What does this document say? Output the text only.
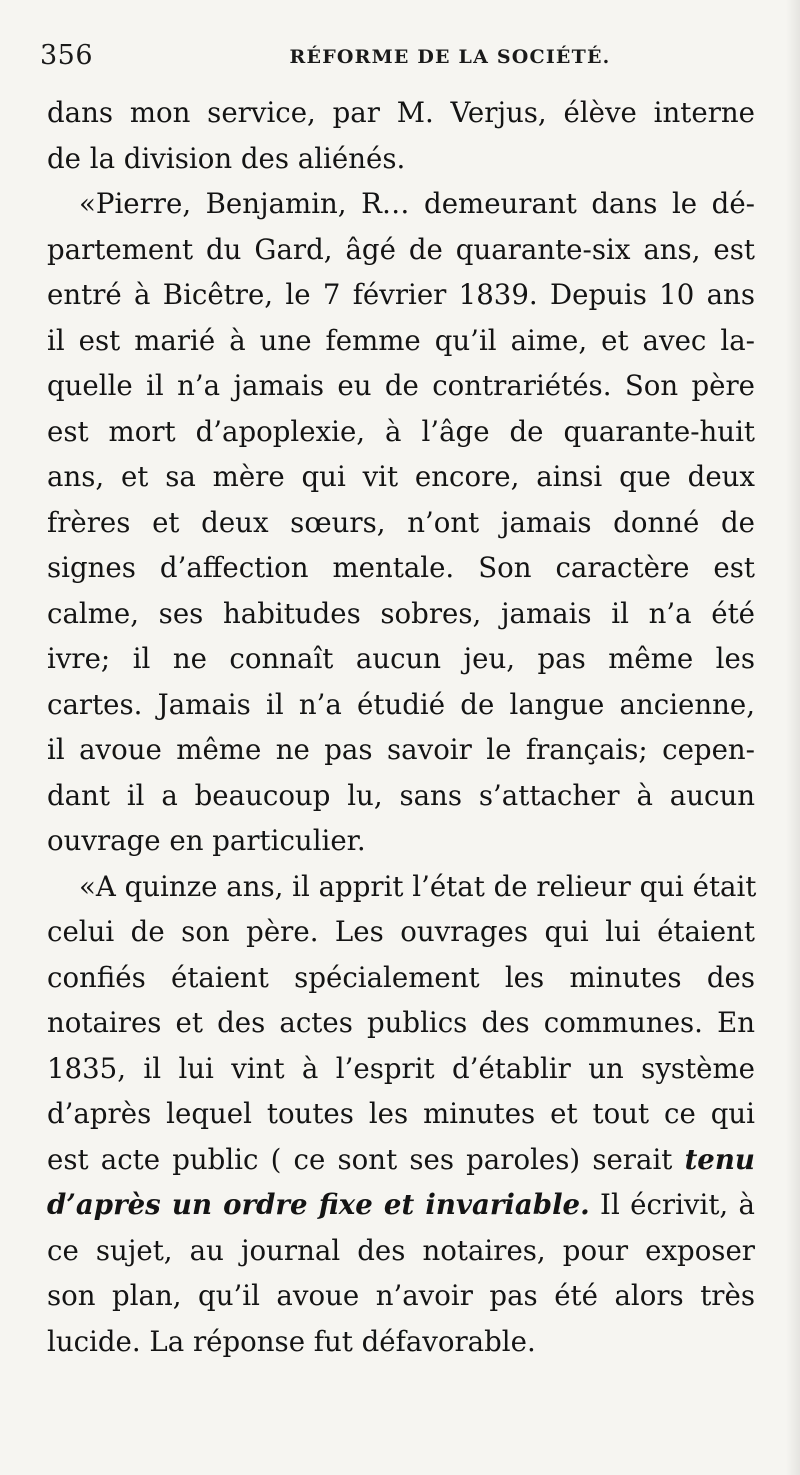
356	RÉFORME DE LA SOCIÉTÉ.
dans mon service, par M. Verjus, élève interne
de la division des aliénés.
«Pierre, Benjamin, R… demeurant dans le dé-
partement du Gard, âgé de quarante-six ans, est
entré à Bicêtre, le 7 février 1839. Depuis 10 ans
il est marié à une femme qu’il aime, et avec la-
quelle il n’a jamais eu de contrariétés. Son père
est mort d’apoplexie, à l’âge de quarante-huit
ans, et sa mère qui vit encore, ainsi que deux
frères et deux sœurs, n’ont jamais donné de
signes d’affection mentale. Son caractère est
calme, ses habitudes sobres, jamais il n’a été
ivre; il ne connaît aucun jeu, pas même les
cartes. Jamais il n’a étudié de langue ancienne,
il avoue même ne pas savoir le français; cepen-
dant il a beaucoup lu, sans s’attacher à aucun
ouvrage en particulier.
«A quinze ans, il apprit l’état de relieur qui était
celui de son père. Les ouvrages qui lui étaient
confiés étaient spécialement les minutes des
notaires et des actes publics des communes. En
1835, il lui vint à l’esprit d’établir un système
d’après lequel toutes les minutes et tout ce qui
est acte public ( ce sont ses paroles) serait tenu
d’après un ordre fixe et invariable. Il écrivit, à
ce sujet, au journal des notaires, pour exposer
son plan, qu’il avoue n’avoir pas été alors très
lucide. La réponse fut défavorable.
